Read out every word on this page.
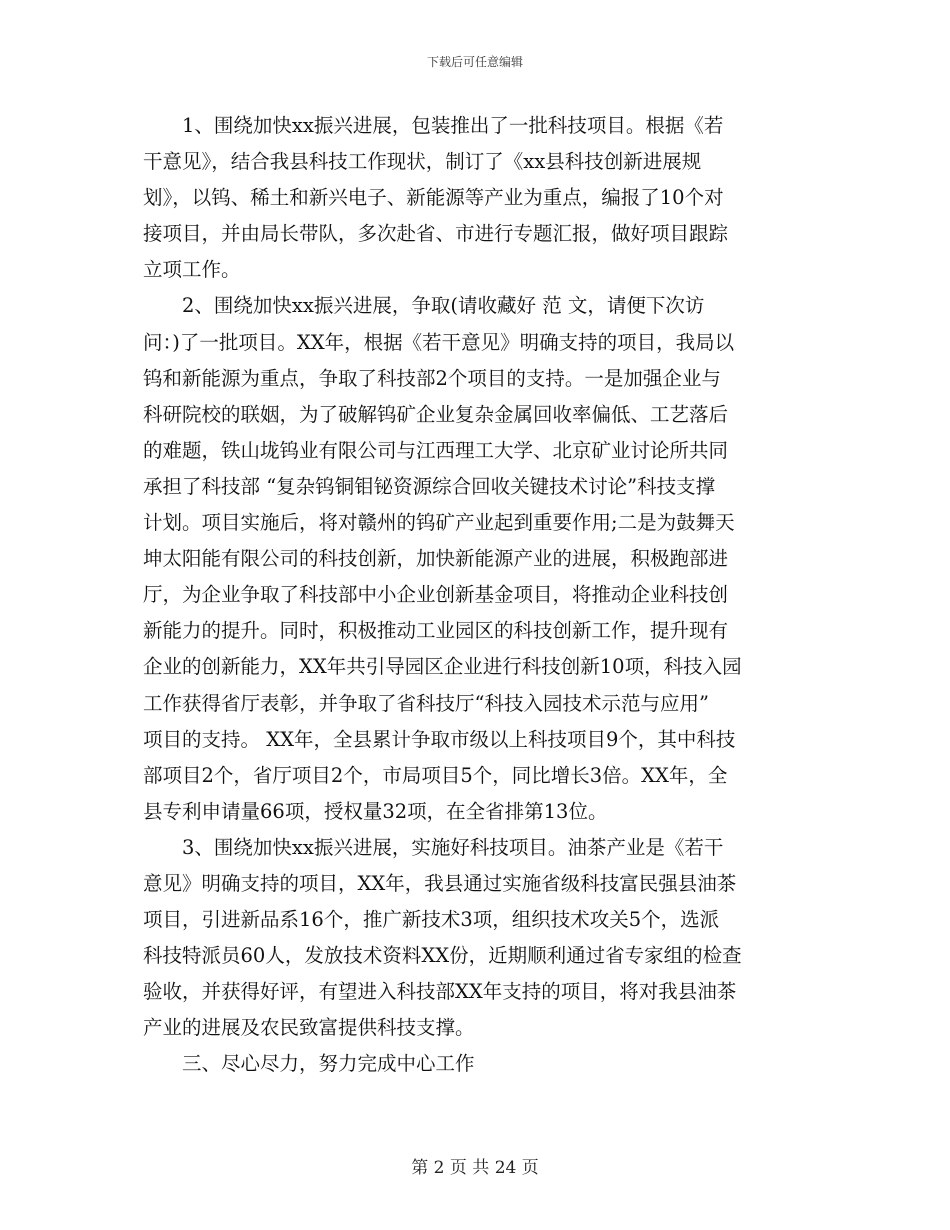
下载后可任意编辑

　　1、围绕加快xx振兴进展，包装推出了一批科技项目。根据《若
干意见》，结合我县科技工作现状，制订了《xx县科技创新进展规
划》，以钨、稀土和新兴电子、新能源等产业为重点，编报了10个对
接项目，并由局长带队，多次赴省、市进行专题汇报，做好项目跟踪
立项工作。

　　2、围绕加快xx振兴进展，争取(请收藏好 范 文，请便下次访
问：)了一批项目。XX年，根据《若干意见》明确支持的项目，我局以
钨和新能源为重点，争取了科技部2个项目的支持。一是加强企业与
科研院校的联姻，为了破解钨矿企业复杂金属回收率偏低、工艺落后
的难题，铁山垅钨业有限公司与江西理工大学、北京矿业讨论所共同
承担了科技部 “复杂钨铜钼铋资源综合回收关键技术讨论”科技支撑
计划。项目实施后，将对赣州的钨矿产业起到重要作用;二是为鼓舞天
坤太阳能有限公司的科技创新，加快新能源产业的进展，积极跑部进
厅，为企业争取了科技部中小企业创新基金项目，将推动企业科技创
新能力的提升。同时，积极推动工业园区的科技创新工作，提升现有
企业的创新能力，XX年共引导园区企业进行科技创新10项，科技入园
工作获得省厅表彰，并争取了省科技厅“科技入园技术示范与应用”
项目的支持。 XX年，全县累计争取市级以上科技项目9个，其中科技
部项目2个，省厅项目2个，市局项目5个，同比增长3倍。XX年，全
县专利申请量66项，授权量32项，在全省排第13位。

　　3、围绕加快xx振兴进展，实施好科技项目。油茶产业是《若干
意见》明确支持的项目，XX年，我县通过实施省级科技富民强县油茶
项目，引进新品系16个，推广新技术3项，组织技术攻关5个，选派
科技特派员60人，发放技术资料XX份，近期顺利通过省专家组的检查
验收，并获得好评，有望进入科技部XX年支持的项目，将对我县油茶
产业的进展及农民致富提供科技支撑。

　　三、尽心尽力，努力完成中心工作

第 2 页 共 24 页
